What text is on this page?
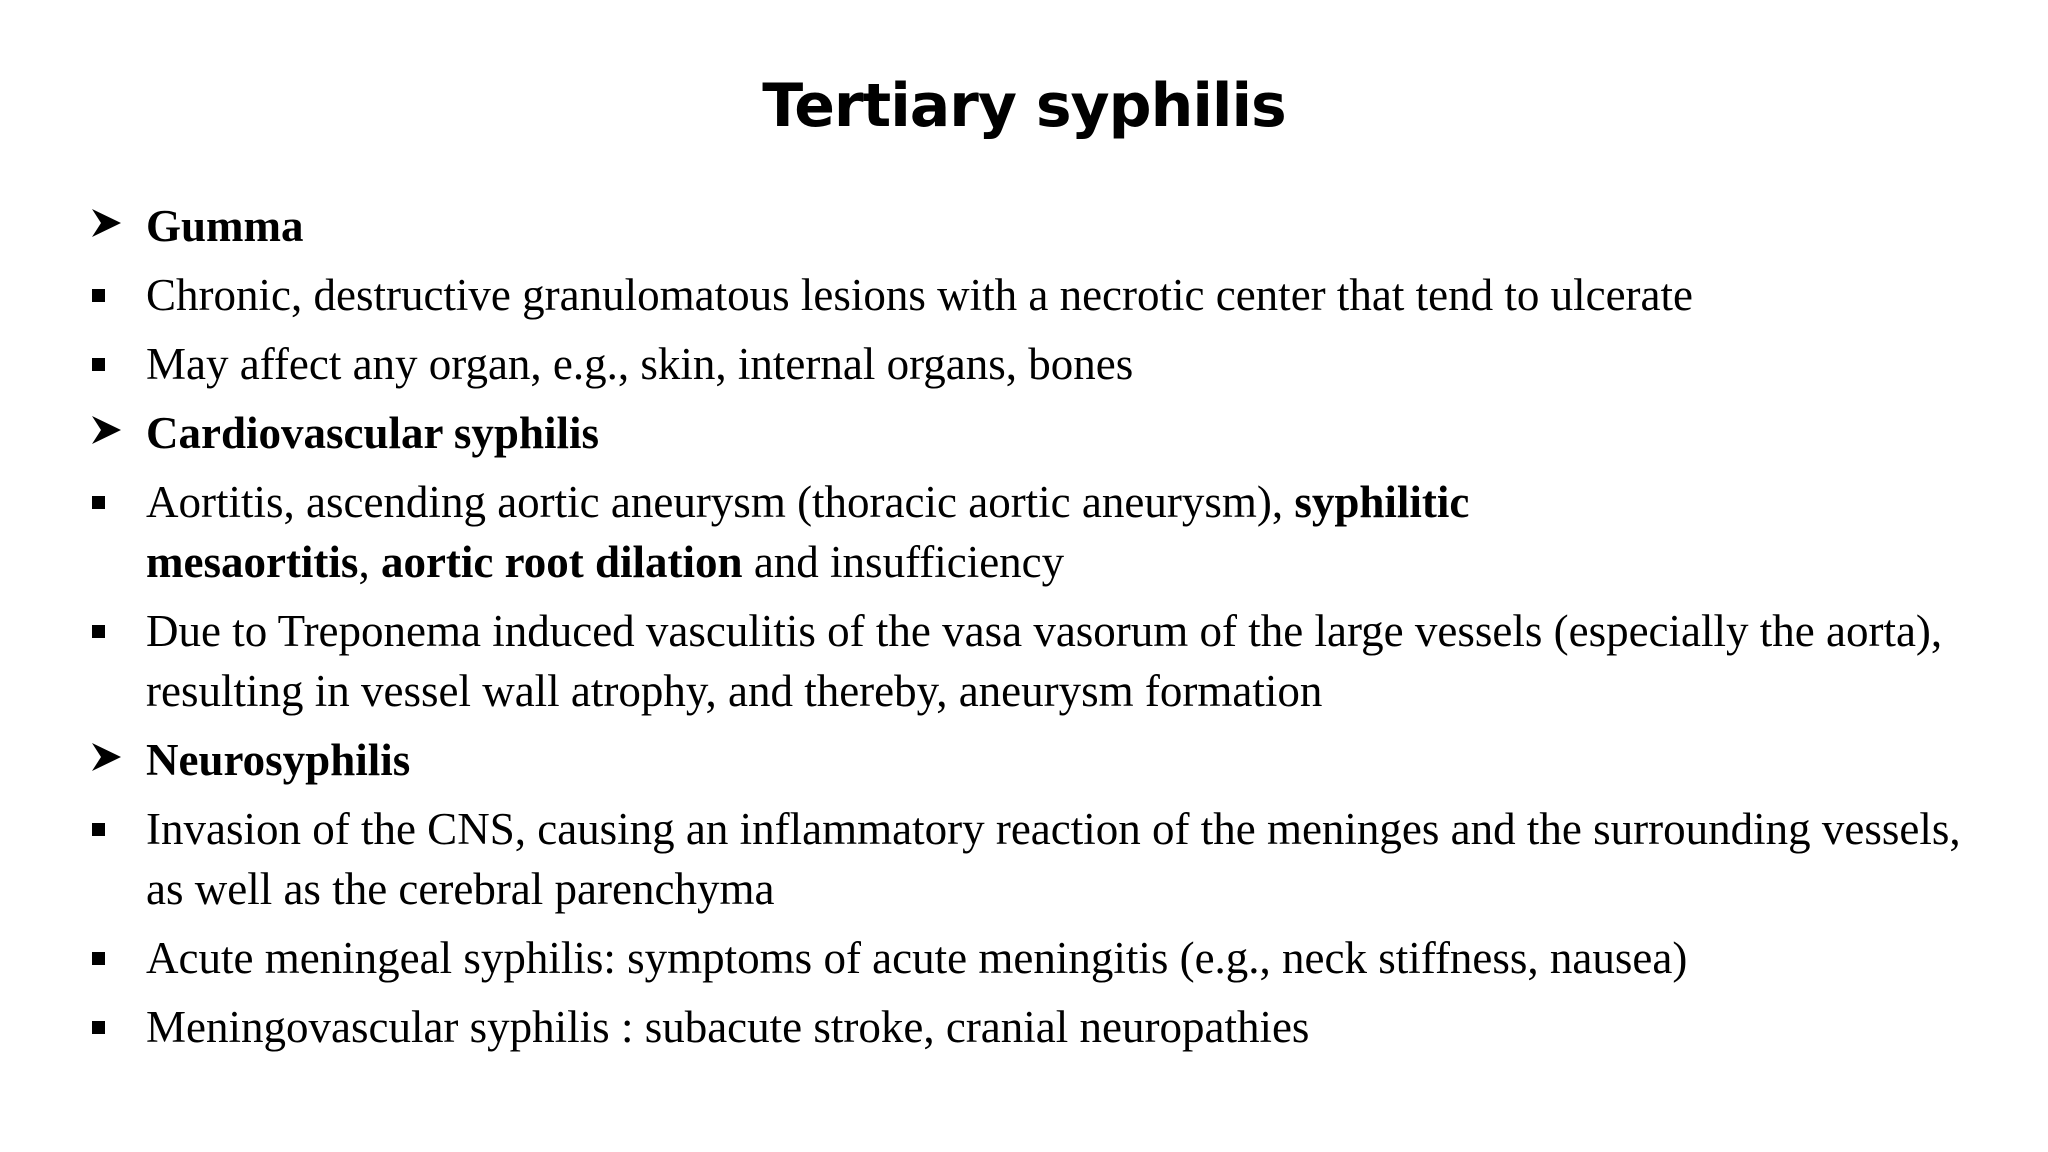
Tertiary syphilis
Gumma
Chronic, destructive granulomatous lesions with a necrotic center that tend to ulcerate
May affect any organ, e.g., skin, internal organs, bones
Cardiovascular syphilis
Aortitis, ascending aortic aneurysm (thoracic aortic aneurysm), syphilitic
mesaortitis, aortic root dilation and insufficiency
Due to Treponema induced vasculitis of the vasa vasorum of the large vessels (especially the aorta), resulting in vessel wall atrophy, and thereby, aneurysm formation
Neurosyphilis
Invasion of the CNS, causing an inflammatory reaction of the meninges and the surrounding vessels, as well as the cerebral parenchyma
Acute meningeal syphilis: symptoms of acute meningitis (e.g., neck stiffness, nausea)
Meningovascular syphilis : subacute stroke, cranial neuropathies
